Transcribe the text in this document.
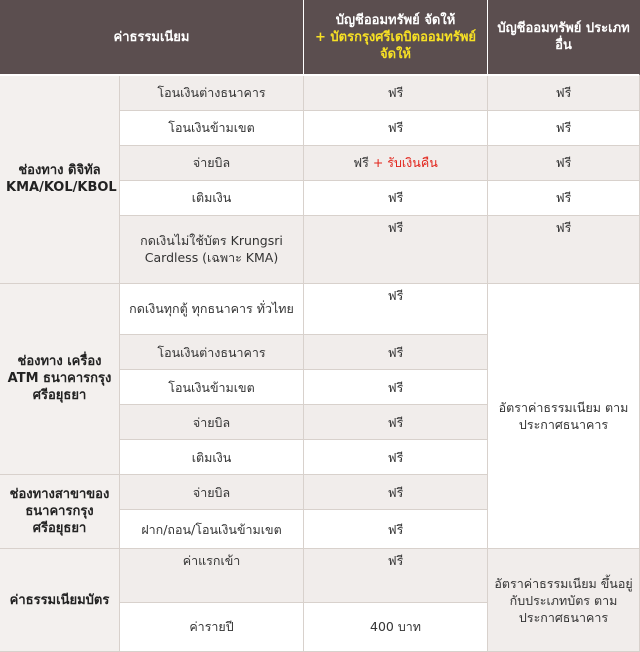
ค่าธรรมเนียม		บัญชีออมทรัพย์ จัดให้
+ บัตรกรุงศรีเดบิตออมทรัพย์ จัดให้	บัญชีออมทรัพย์ ประเภทอื่น
ช่องทาง ดิจิทัล KMA/KOL/KBOL	โอนเงินต่างธนาคาร	ฟรี	ฟรี
	โอนเงินข้ามเขต	ฟรี	ฟรี
	จ่ายบิล	ฟรี + รับเงินคืน	ฟรี
	เติมเงิน	ฟรี	ฟรี
	กดเงินไม่ใช้บัตร Krungsri Cardless (เฉพาะ KMA)	ฟรี	ฟรี
ช่องทาง เครื่อง ATM ธนาคารกรุง ศรีอยุธยา	กดเงินทุกตู้ ทุกธนาคาร ทั่วไทย	ฟรี	อัตราค่าธรรมเนียม ตามประกาศธนาคาร
	โอนเงินต่างธนาคาร	ฟรี	
	โอนเงินข้ามเขต	ฟรี	
	จ่ายบิล	ฟรี	
	เติมเงิน	ฟรี	
ช่องทางสาขาของ ธนาคารกรุง ศรีอยุธยา	จ่ายบิล	ฟรี	
	ฝาก/ถอน/โอนเงินข้ามเขต	ฟรี	
ค่าธรรมเนียมบัตร	ค่าแรกเข้า	ฟรี	อัตราค่าธรรมเนียม ขึ้นอยู่กับประเภทบัตร ตามประกาศธนาคาร
	ค่ารายปี	400 บาท	
